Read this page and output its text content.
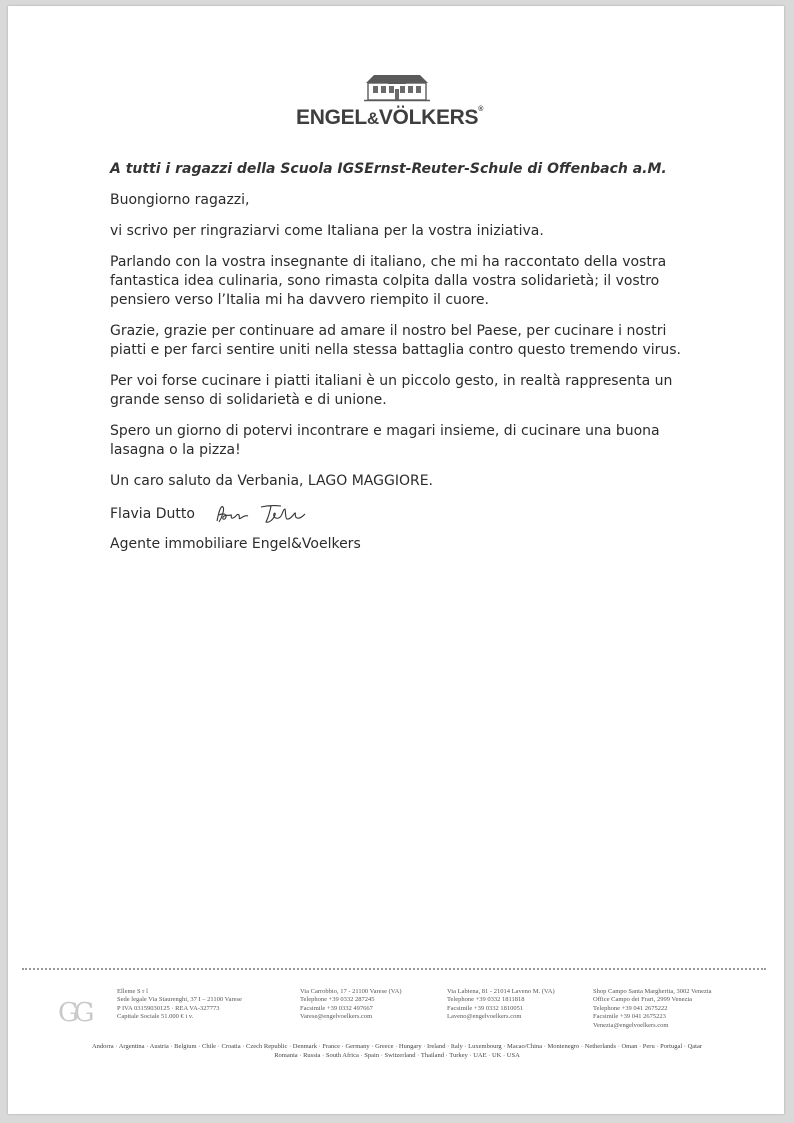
ENGEL&VÖLKERS®

A tutti i ragazzi della Scuola IGSErnst-Reuter-Schule di Offenbach a.M.

Buongiorno ragazzi,

vi scrivo per ringraziarvi come Italiana per la vostra iniziativa.

Parlando con la vostra insegnante di italiano, che mi ha raccontato della vostra fantastica idea culinaria, sono rimasta colpita dalla vostra solidarietà; il vostro pensiero verso l’Italia mi ha davvero riempito il cuore.

Grazie, grazie per continuare ad amare il nostro bel Paese, per cucinare i nostri piatti e per farci sentire uniti nella stessa battaglia contro questo tremendo virus.

Per voi forse cucinare i piatti italiani è un piccolo gesto, in realtà rappresenta un grande senso di solidarietà e di unione.

Spero un giorno di potervi incontrare e magari insieme, di cucinare una buona lasagna o la pizza!

Un caro saluto da Verbania, LAGO MAGGIORE.

Flavia Dutto

Agente immobiliare Engel&Voelkers

GG
Elleme S r l
Sede legale Via Staurenghi, 37 I – 21100 Varese
P IVA 03159030125 · REA VA-327773
Capitale Sociale 51.000 € i v.
Via Carrobbio, 17 - 21100 Varese (VA)
Telephone +39 0332 287245
Facsimile +39 0332 497667
Varese@engelvoelkers.com
Via Labiena, 81 - 21014 Laveno M. (VA)
Telephone +39 0332 1811818
Facsimile +39 0332 1810051
Laveno@engelvoelkers.com
Shop Campo Santa Margherita, 3002 Venezia
Office Campo dei Frari, 2999 Venezia
Telephone +39 041 2675222
Facsimile +39 041 2675223
Venezia@engelvoelkers.com
Andorra · Argentina · Austria · Belgium · Chile · Croatia · Czech Republic · Denmark · France · Germany · Greece · Hungary · Ireland · Italy · Luxembourg · Macao/China · Montenegro · Netherlands · Oman · Peru · Portugal · Qatar
Romania · Russia · South Africa · Spain · Switzerland · Thailand · Turkey · UAE · UK · USA
